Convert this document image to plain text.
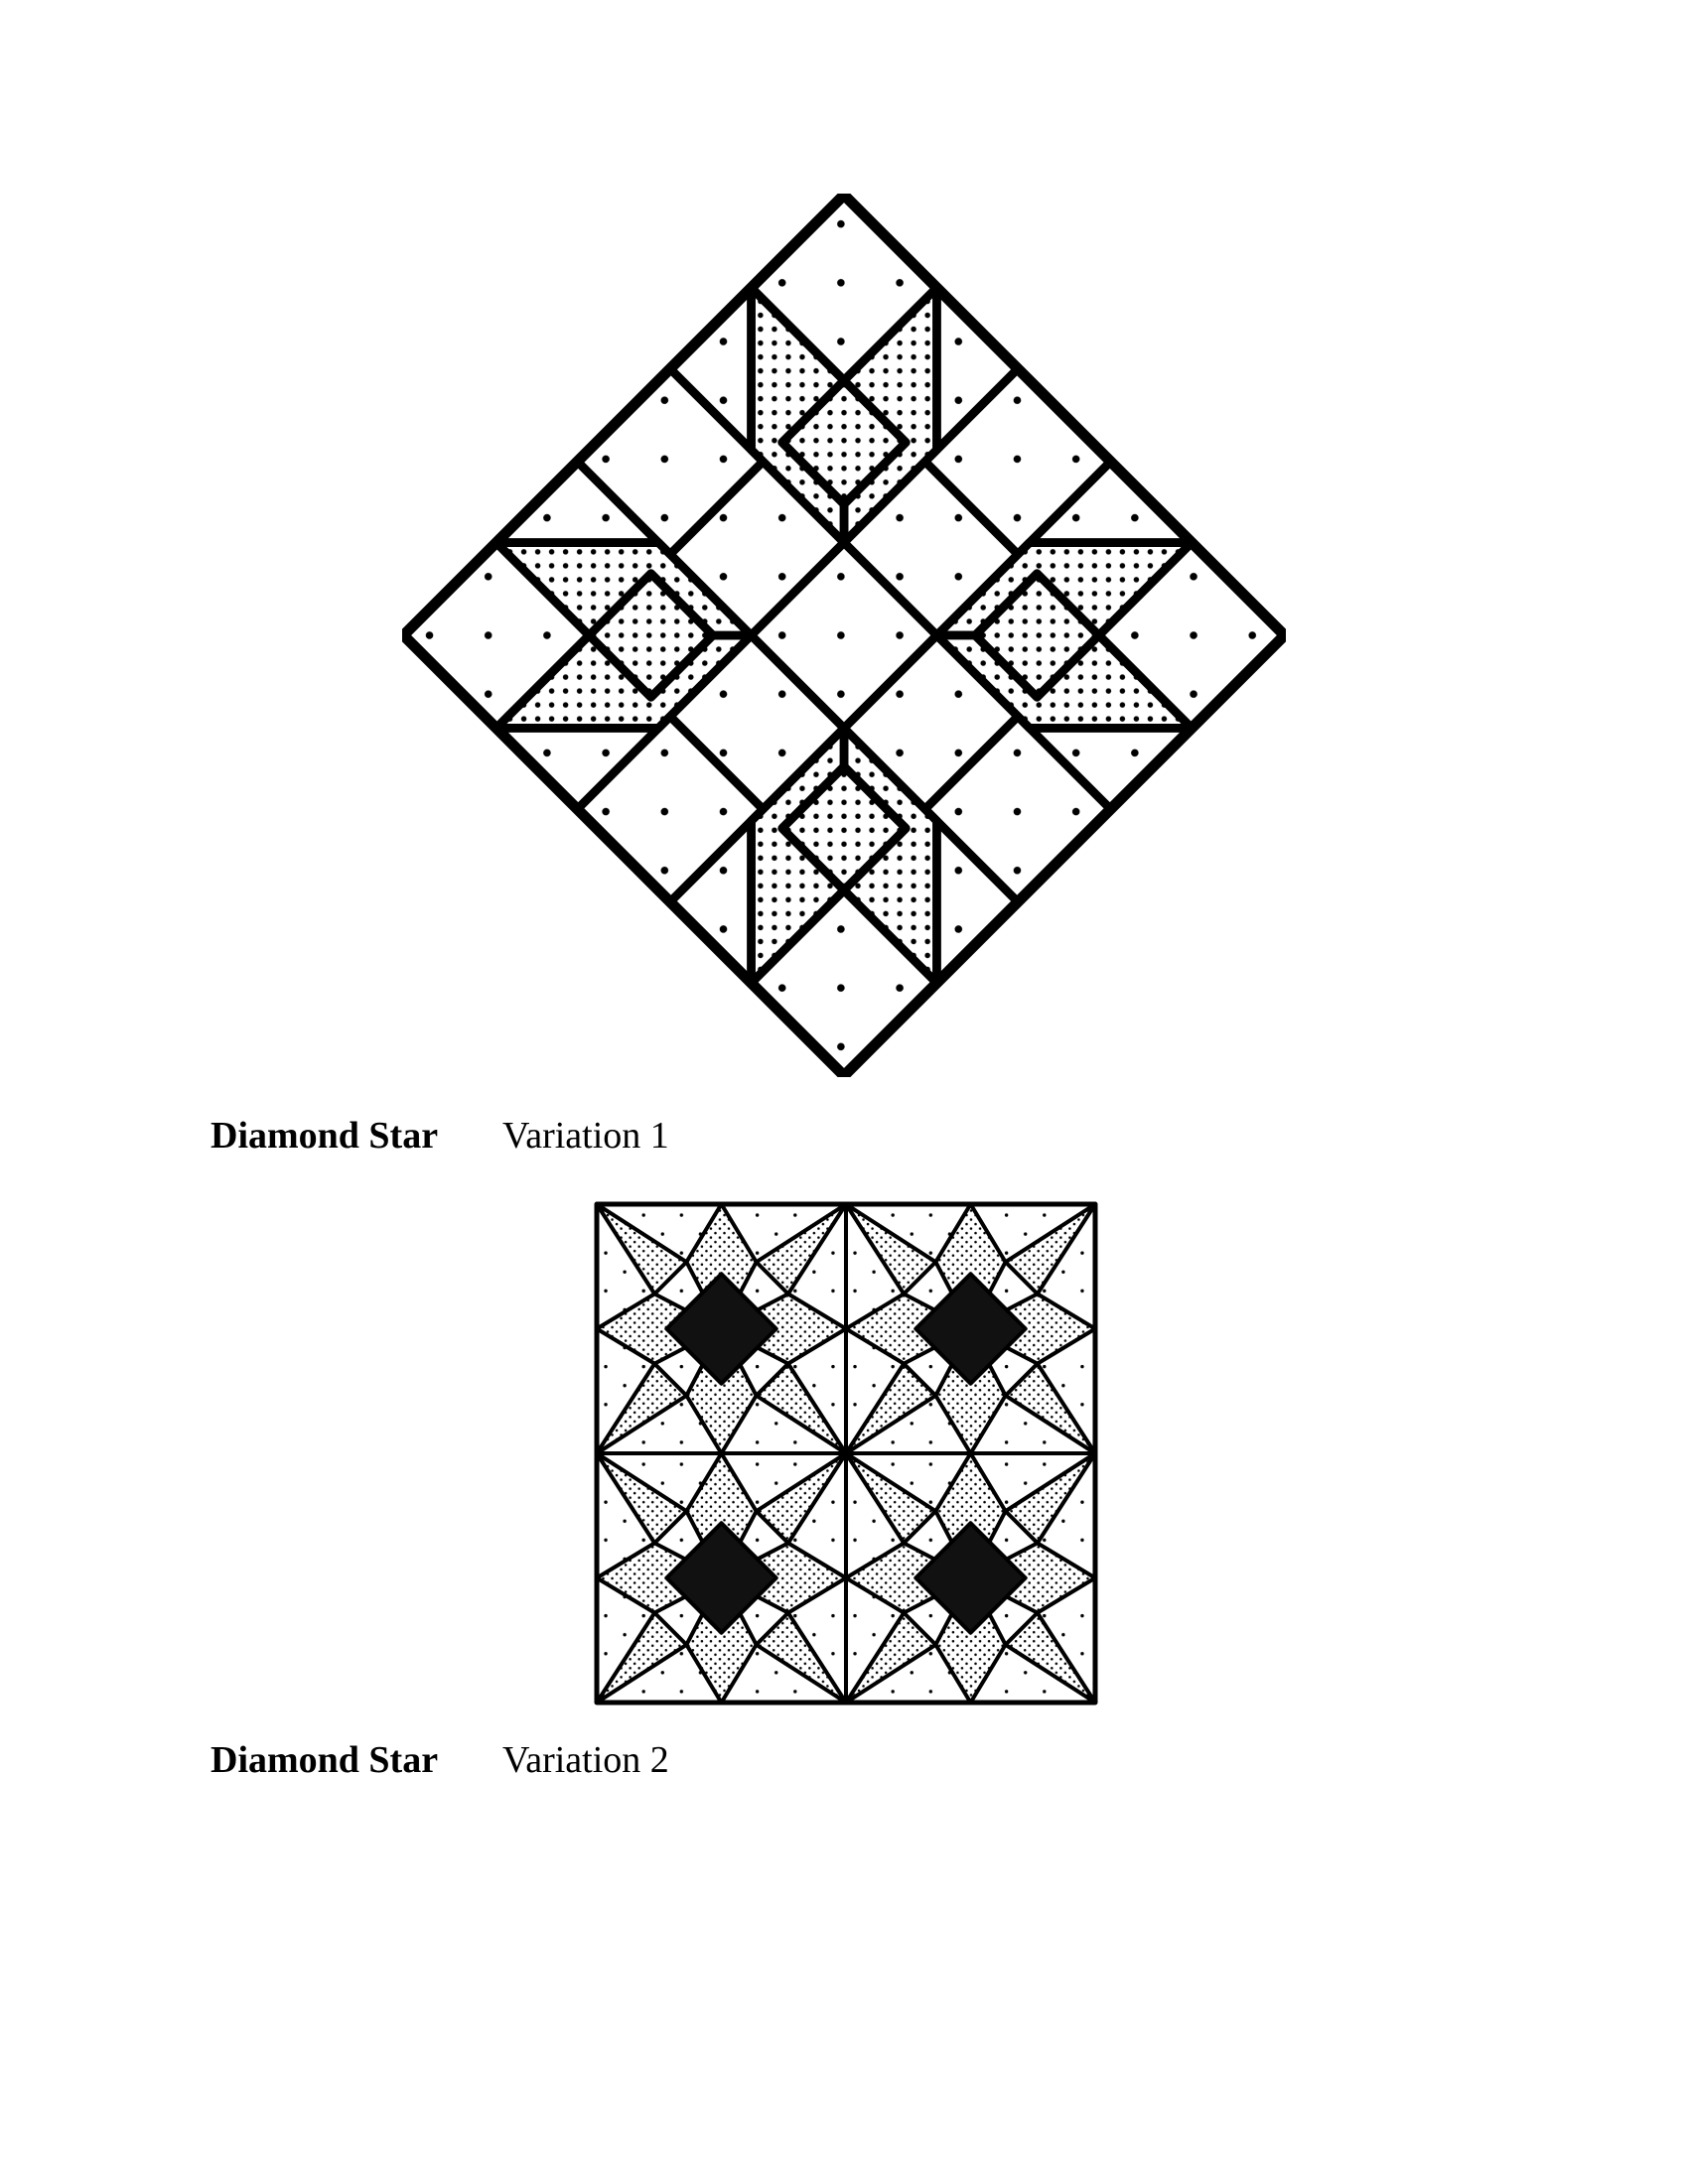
Diamond Star Variation 1
Diamond Star Variation 2
